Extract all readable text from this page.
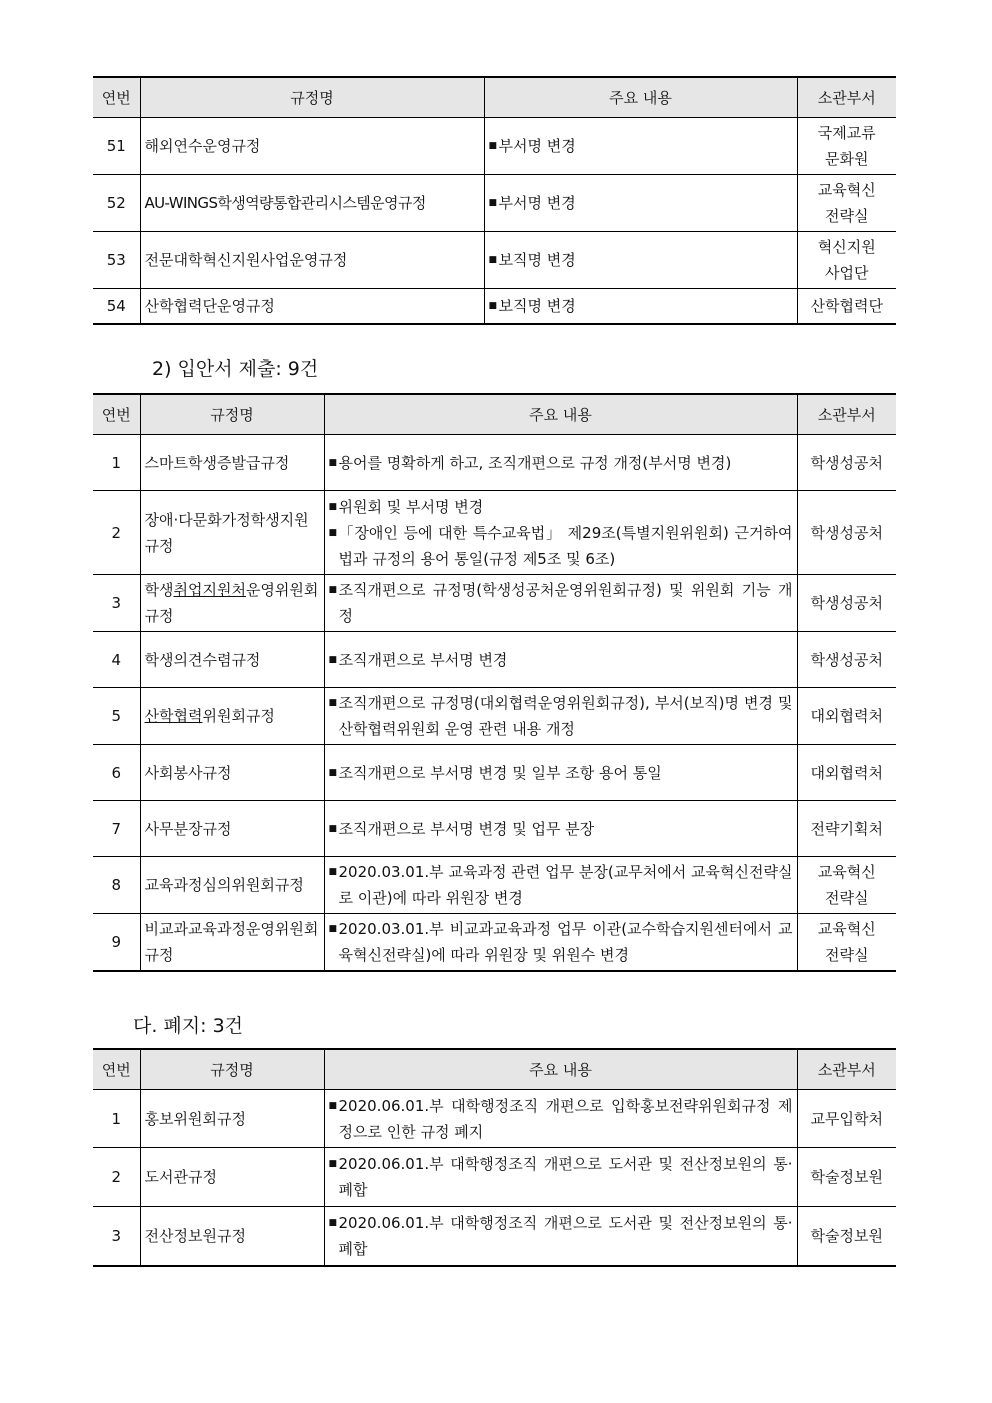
연번	규정명	주요 내용	소관부서
51	해외연수운영규정	■ 부서명 변경	국제교류
문화원

52	AU-WINGS학생역량통합관리시스템운영규정	■ 부서명 변경	교육혁신
전략실

53	전문대학혁신지원사업운영규정	■ 보직명 변경	혁신지원
사업단

54	산학협력단운영규정	■ 보직명 변경	산학협력단
2) 입안서 제출: 9건
연번	규정명	주요 내용	소관부서
1	스마트학생증발급규정	■ 용어를 명확하게 하고, 조직개편으로 규정 개정(부서명 변경)	학생성공처
2	장애·다문화가정학생지원규정	■ 위원회 및 부서명 변경
■ 「장애인 등에 대한 특수교육법」 제29조(특별지원위원회) 근거하여 법과 규정의 용어 통일(규정 제5조 및 6조)	학생성공처
3	학생취업지원처운영위원회규정	■ 조직개편으로 규정명(학생성공처운영위원회규정) 및 위원회 기능 개정	학생성공처
4	학생의견수렴규정	■ 조직개편으로 부서명 변경	학생성공처
5	산학협력위원회규정	■ 조직개편으로 규정명(대외협력운영위원회규정), 부서(보직)명 변경 및 산학협력위원회 운영 관련 내용 개정	대외협력처
6	사회봉사규정	■ 조직개편으로 부서명 변경 및 일부 조항 용어 통일	대외협력처
7	사무분장규정	■ 조직개편으로 부서명 변경 및 업무 분장	전략기획처
8	교육과정심의위원회규정	■ 2020.03.01.부 교육과정 관련 업무 분장(교무처에서 교육혁신전략실로 이관)에 따라 위원장 변경	교육혁신
전략실

9	비교과교육과정운영위원회규정	■ 2020.03.01.부 비교과교육과정 업무 이관(교수학습지원센터에서 교육혁신전략실)에 따라 위원장 및 위원수 변경	교육혁신
전략실
다. 폐지: 3건
연번	규정명	주요 내용	소관부서
1	홍보위원회규정	■ 2020.06.01.부 대학행정조직 개편으로 입학홍보전략위원회규정 제정으로 인한 규정 폐지	교무입학처
2	도서관규정	■ 2020.06.01.부 대학행정조직 개편으로 도서관 및 전산정보원의 통·폐합	학술정보원
3	전산정보원규정	■ 2020.06.01.부 대학행정조직 개편으로 도서관 및 전산정보원의 통·폐합	학술정보원
